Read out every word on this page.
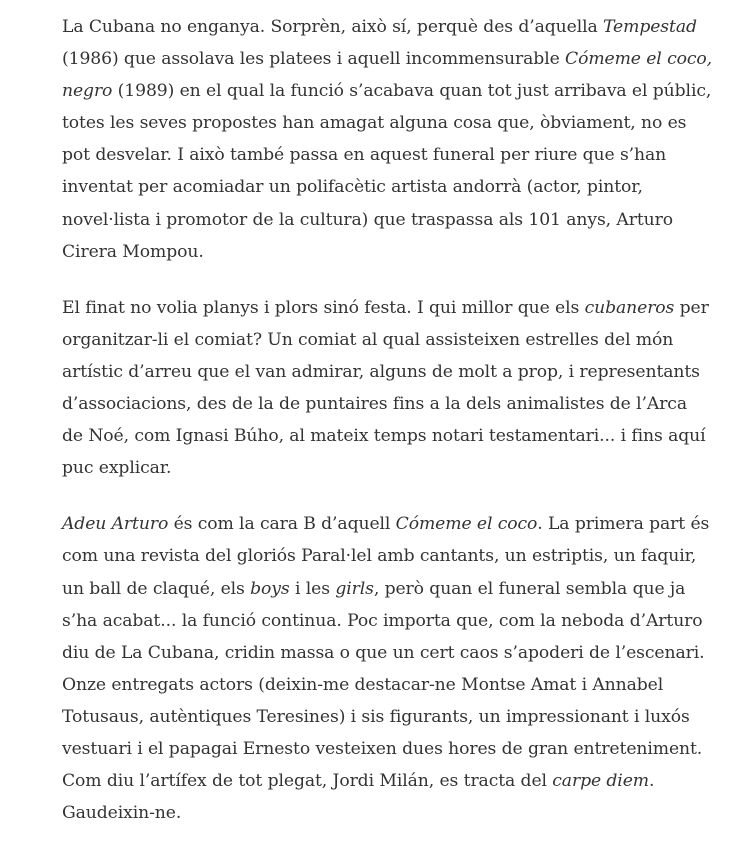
La Cubana no enganya. Sorprèn, això sí, perquè des d’aquella Tempestad (1986) que assolava les platees i aquell incommensurable Cómeme el coco, negro (1989) en el qual la funció s’acabava quan tot just arribava el públic, totes les seves propostes han amagat alguna cosa que, òbviament, no es pot desvelar. I això també passa en aquest funeral per riure que s’han inventat per acomiadar un polifacètic artista andorrà (actor, pintor, novel·lista i promotor de la cultura) que traspassa als 101 anys, Arturo Cirera Mompou.

El finat no volia planys i plors sinó festa. I qui millor que els cubaneros per organitzar-li el comiat? Un comiat al qual assisteixen estrelles del món artístic d’arreu que el van admirar, alguns de molt a prop, i representants d’associacions, des de la de puntaires fins a la dels animalistes de l’Arca de Noé, com Ignasi Búho, al mateix temps notari testamentari... i fins aquí puc explicar.

Adeu Arturo és com la cara B d’aquell Cómeme el coco. La primera part és com una revista del gloriós Paral·lel amb cantants, un estriptis, un faquir, un ball de claqué, els boys i les girls, però quan el funeral sembla que ja s’ha acabat... la funció continua. Poc importa que, com la neboda d’Arturo diu de La Cubana, cridin massa o que un cert caos s’apoderi de l’escenari. Onze entregats actors (deixin-me destacar-ne Montse Amat i Annabel Totusaus, autèntiques Teresines) i sis figurants, un impressionant i luxós vestuari i el papagai Ernesto vesteixen dues hores de gran entreteniment. Com diu l’artífex de tot plegat, Jordi Milán, es tracta del carpe diem. Gaudeixin-ne.
